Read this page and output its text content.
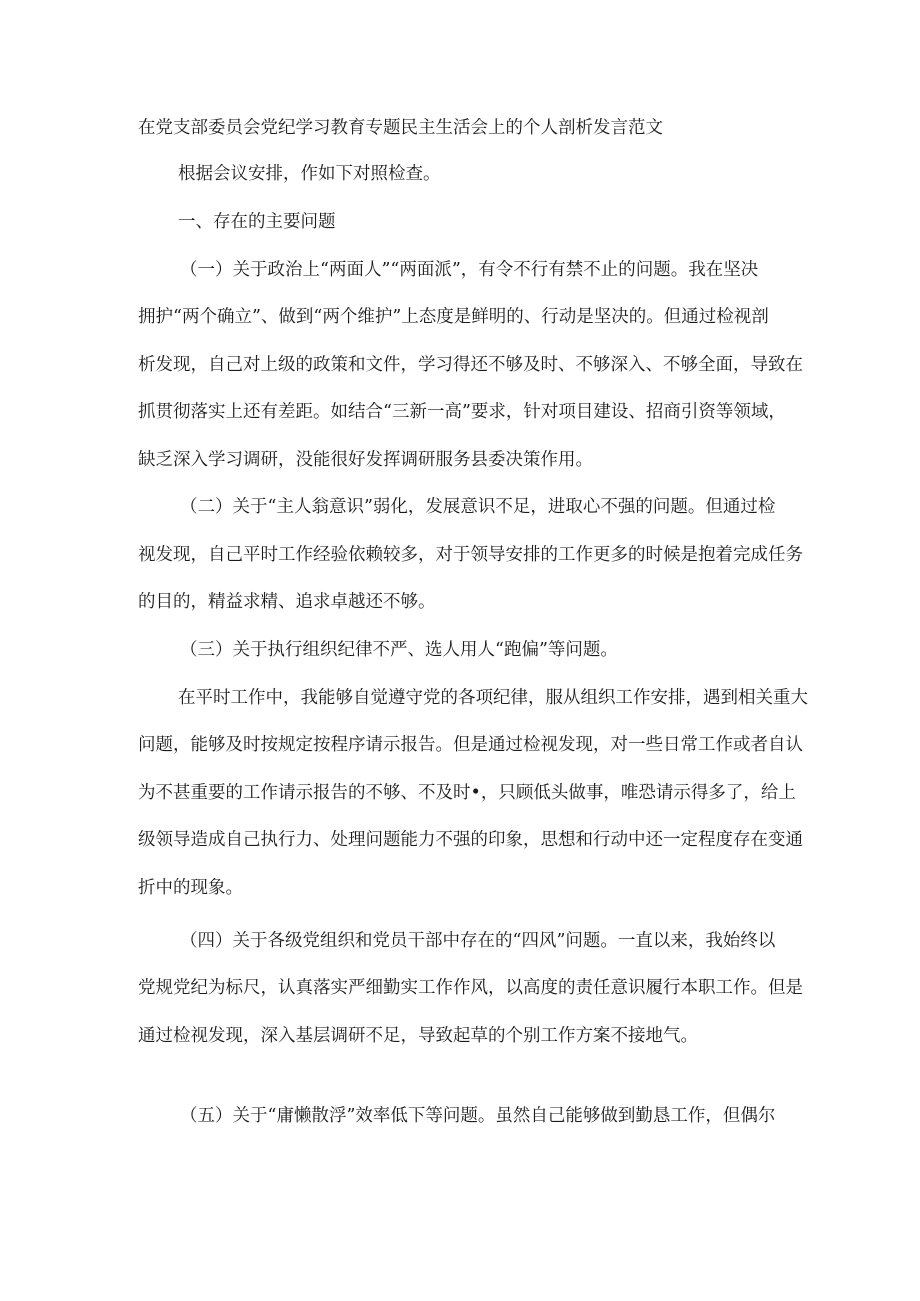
在党支部委员会党纪学习教育专题民主生活会上的个人剖析发言范文
根据会议安排，作如下对照检查。
一、存在的主要问题
（一）关于政治上“两面人”“两面派”，有令不行有禁不止的问题。我在坚决
拥护“两个确立”、做到“两个维护”上态度是鲜明的、行动是坚决的。但通过检视剖
析发现，自己对上级的政策和文件，学习得还不够及时、不够深入、不够全面，导致在
抓贯彻落实上还有差距。如结合“三新一高”要求，针对项目建设、招商引资等领域，
缺乏深入学习调研，没能很好发挥调研服务县委决策作用。
（二）关于“主人翁意识”弱化，发展意识不足，进取心不强的问题。但通过检
视发现，自己平时工作经验依赖较多，对于领导安排的工作更多的时候是抱着完成任务
的目的，精益求精、追求卓越还不够。
（三）关于执行组织纪律不严、选人用人“跑偏”等问题。
在平时工作中，我能够自觉遵守党的各项纪律，服从组织工作安排，遇到相关重大
问题，能够及时按规定按程序请示报告。但是通过检视发现，对一些日常工作或者自认
为不甚重要的工作请示报告的不够、不及时•，只顾低头做事，唯恐请示得多了，给上
级领导造成自己执行力、处理问题能力不强的印象，思想和行动中还一定程度存在变通
折中的现象。
（四）关于各级党组织和党员干部中存在的“四风”问题。一直以来，我始终以
党规党纪为标尺，认真落实严细勤实工作作风，以高度的责任意识履行本职工作。但是
通过检视发现，深入基层调研不足，导致起草的个别工作方案不接地气。
（五）关于“庸懒散浮”效率低下等问题。虽然自己能够做到勤恳工作，但偶尔
